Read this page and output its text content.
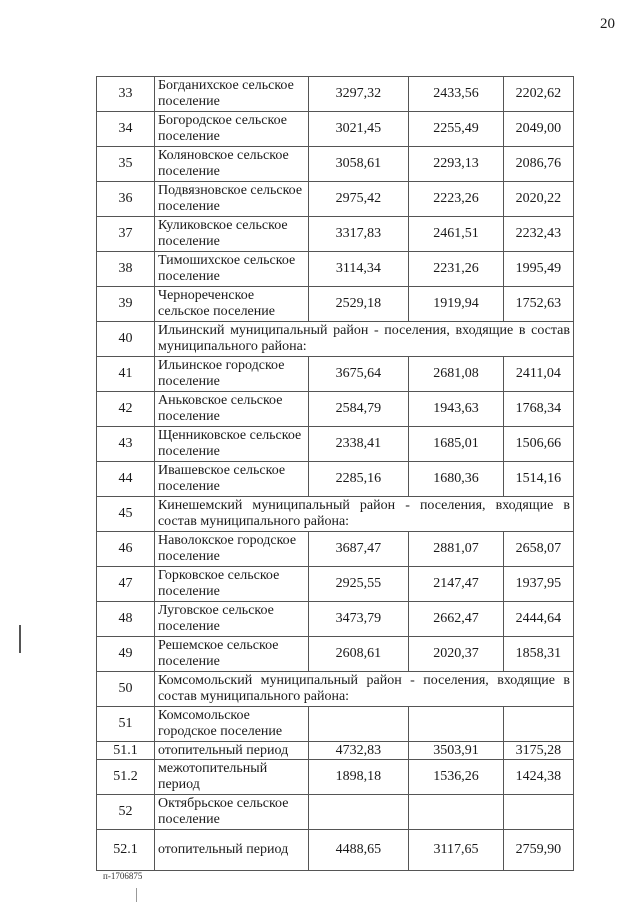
20
33	Богданихское сельское поселение	3297,32	2433,56	2202,62
34	Богородское сельское поселение	3021,45	2255,49	2049,00
35	Коляновское сельское поселение	3058,61	2293,13	2086,76
36	Подвязновское сельское поселение	2975,42	2223,26	2020,22
37	Куликовское сельское поселение	3317,83	2461,51	2232,43
38	Тимошихское сельское поселение	3114,34	2231,26	1995,49
39	Чернореченское сельское поселение	2529,18	1919,94	1752,63
40	Ильинский муниципальный район - поселения, входящие в состав муниципального района:			
41	Ильинское городское поселение	3675,64	2681,08	2411,04
42	Аньковское сельское поселение	2584,79	1943,63	1768,34
43	Щенниковское сельское поселение	2338,41	1685,01	1506,66
44	Ивашевское сельское поселение	2285,16	1680,36	1514,16
45	Кинешемский муниципальный район - поселения, входящие в состав муниципального района:			
46	Наволокское городское поселение	3687,47	2881,07	2658,07
47	Горковское сельское поселение	2925,55	2147,47	1937,95
48	Луговское сельское поселение	3473,79	2662,47	2444,64
49	Решемское сельское поселение	2608,61	2020,37	1858,31
50	Комсомольский муниципальный район - поселения, входящие в состав муниципального района:			
51	Комсомольское городское поселение			
51.1	отопительный период	4732,83	3503,91	3175,28
51.2	межотопительный период	1898,18	1536,26	1424,38
52	Октябрьское сельское поселение			
52.1	отопительный период	4488,65	3117,65	2759,90
п-1706875
